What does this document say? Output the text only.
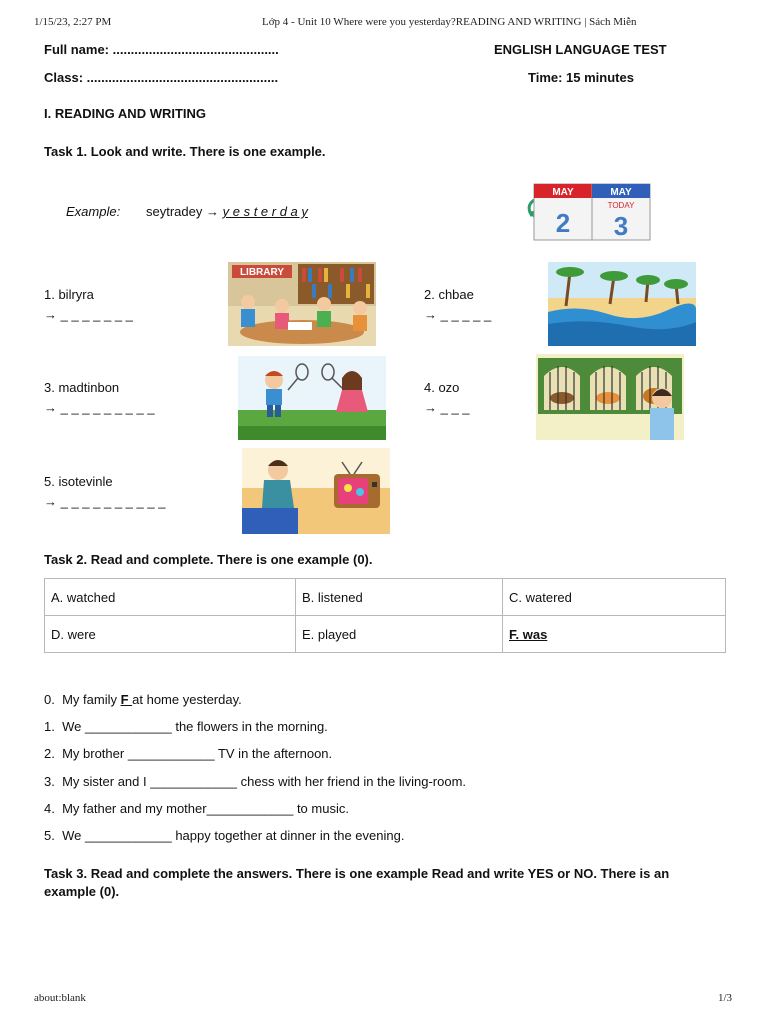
1/15/23, 2:27 PM	Lớp 4 - Unit 10 Where were you yesterday?READING AND WRITING | Sách Miễn
Full name: ..............................................	ENGLISH LANGUAGE TEST
Class: .....................................................	Time: 15 minutes
I. READING AND WRITING
Task 1. Look and write. There is one example.
Example: seytradey → y e s t e r d a y
MAY	MAY
2
TODAY
3
1. bilryra
→ _ _ _ _ _ _ _
LIBRARY
2. chbae
→ _ _ _ _ _
3. madtinbon
→ _ _ _ _ _ _ _ _ _
4. ozo
→ _ _ _
5. isotevinle
→ _ _ _ _ _ _ _ _ _ _
Task 2. Read and complete. There is one example (0).
A. watched	B. listened	C. watered
D. were	E. played	F. was
0. My family F at home yesterday.
1. We ____________ the flowers in the morning.
2. My brother ____________ TV in the afternoon.
3. My sister and I ____________ chess with her friend in the living-room.
4. My father and my mother____________ to music.
5. We ____________ happy together at dinner in the evening.
Task 3. Read and complete the answers. There is one example Read and write YES or NO. There is an example (0).
about:blank	1/3
